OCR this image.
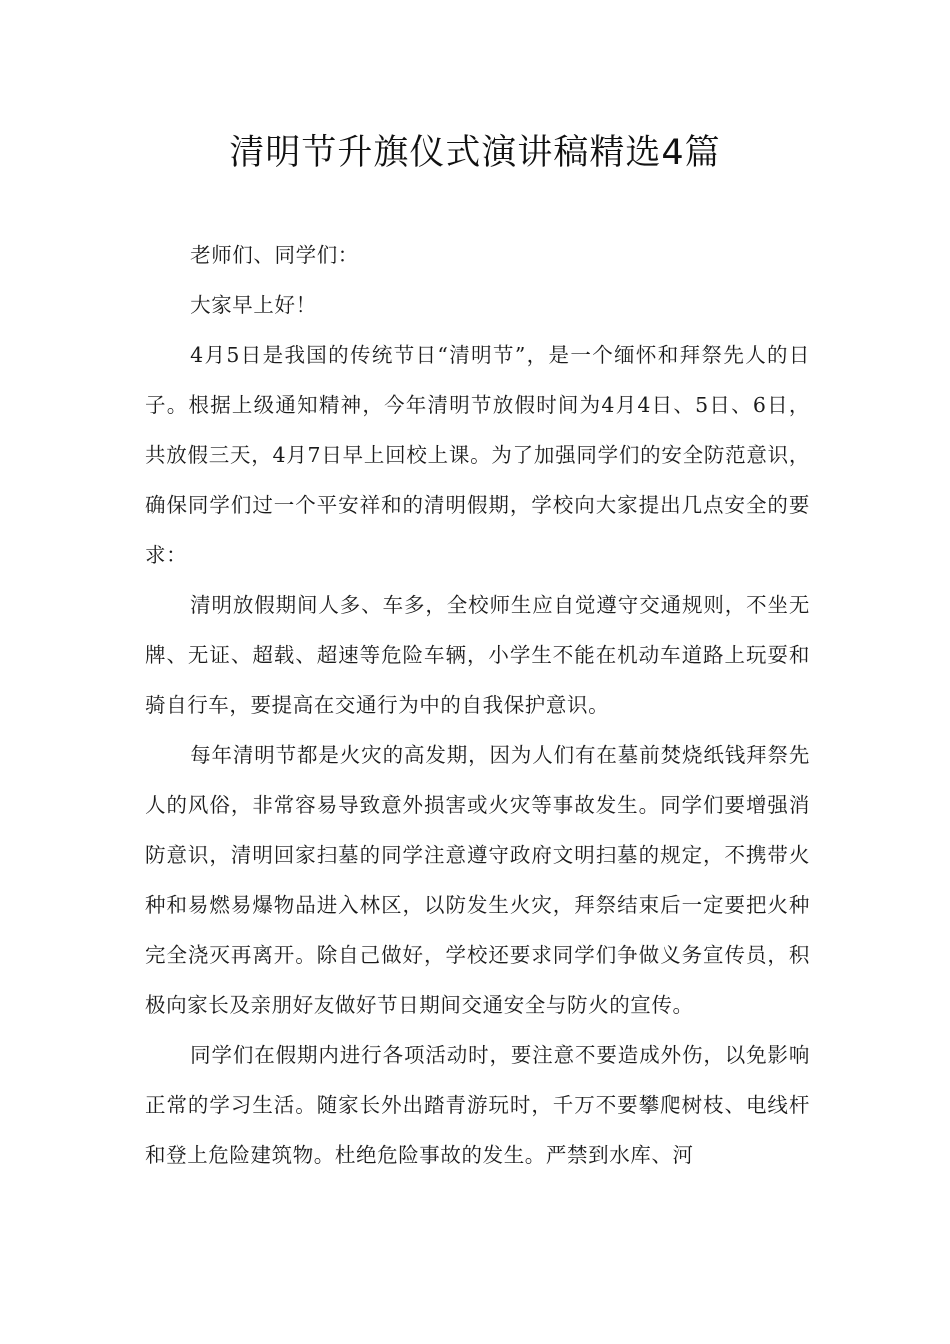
清明节升旗仪式演讲稿精选4篇

老师们、同学们：

大家早上好！

4月5日是我国的传统节日“清明节”，是一个缅怀和拜祭先人的日子。根据上级通知精神，今年清明节放假时间为4月4日、5日、6日，共放假三天，4月7日早上回校上课。为了加强同学们的安全防范意识，确保同学们过一个平安祥和的清明假期，学校向大家提出几点安全的要求：

清明放假期间人多、车多，全校师生应自觉遵守交通规则，不坐无牌、无证、超载、超速等危险车辆，小学生不能在机动车道路上玩耍和骑自行车，要提高在交通行为中的自我保护意识。

每年清明节都是火灾的高发期，因为人们有在墓前焚烧纸钱拜祭先人的风俗，非常容易导致意外损害或火灾等事故发生。同学们要增强消防意识，清明回家扫墓的同学注意遵守政府文明扫墓的规定，不携带火种和易燃易爆物品进入林区，以防发生火灾，拜祭结束后一定要把火种完全浇灭再离开。除自己做好，学校还要求同学们争做义务宣传员，积极向家长及亲朋好友做好节日期间交通安全与防火的宣传。

同学们在假期内进行各项活动时，要注意不要造成外伤，以免影响正常的学习生活。随家长外出踏青游玩时，千万不要攀爬树枝、电线杆和登上危险建筑物。杜绝危险事故的发生。严禁到水库、河
